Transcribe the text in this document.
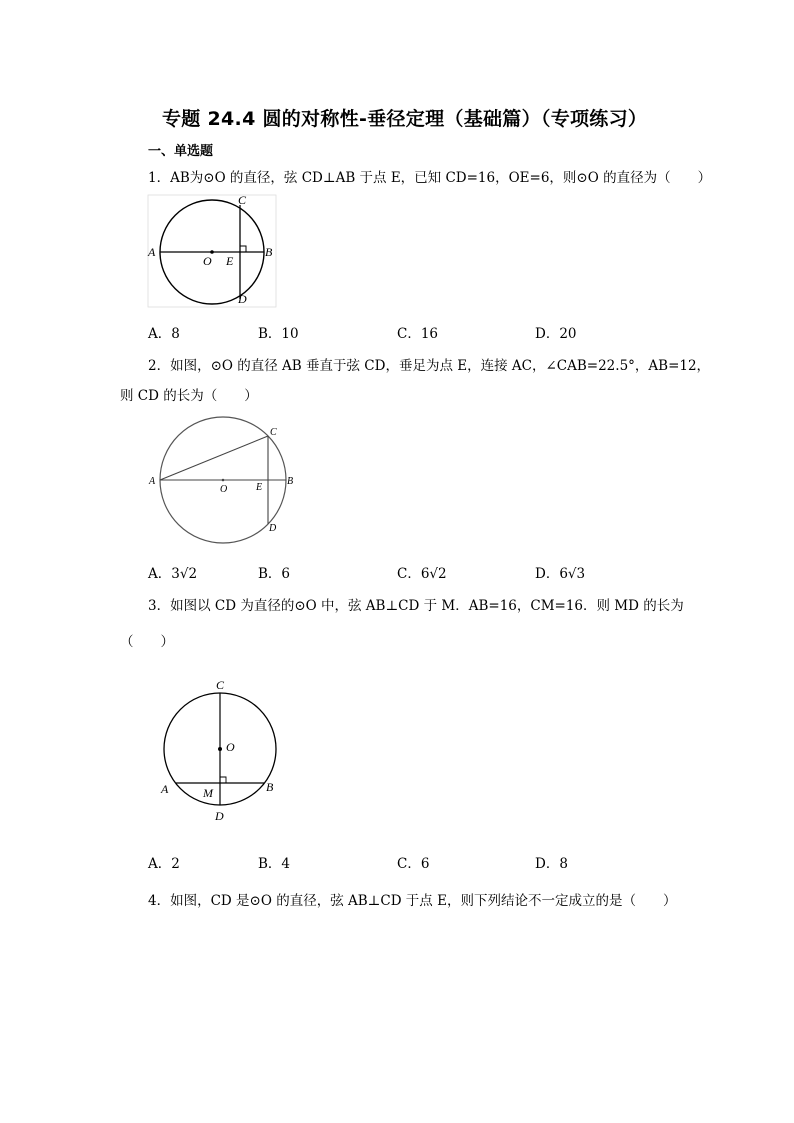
专题 24.4 圆的对称性-垂径定理（基础篇）（专项练习）
一、单选题
1．AB为⊙O 的直径，弦 CD⊥AB 于点 E，已知 CD=16，OE=6，则⊙O 的直径为（　　）
A	B
C
D
O E
A．8	B．10	C．16	D．20
2．如图，⊙O 的直径 AB 垂直于弦 CD，垂足为点 E，连接 AC，∠CAB=22.5°，AB=12，
则 CD 的长为（　　）
A	B
C
D
O	E
A．3√2	B．6	C．6√2	D．6√3
3．如图以 CD 为直径的⊙O 中，弦 AB⊥CD 于 M．AB=16，CM=16．则 MD 的长为
（　　）
C
O
A	B
M
D
A．2	B．4	C．6	D．8
4．如图，CD 是⊙O 的直径，弦 AB⊥CD 于点 E，则下列结论不一定成立的是（　　）
